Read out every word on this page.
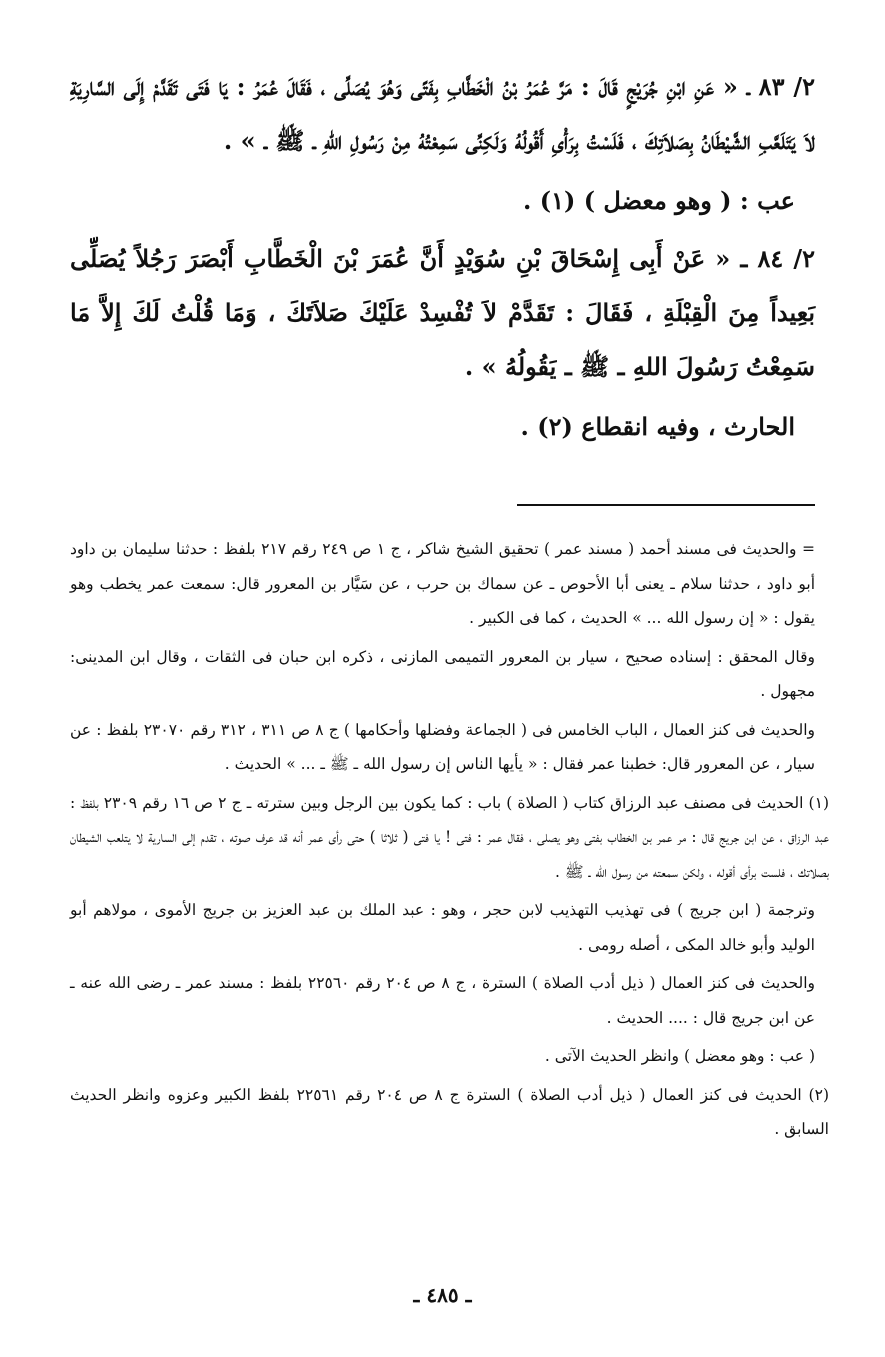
٢/ ٨٣ ـ « عَنِ ابْنِ جُرَيْجٍ قَالَ : مَرَّ عُمَرُ بْنُ الْخَطَّابِ بِفَتًى وَهُوَ يُصَلِّى ، فَقَالَ عُمَرُ : يَا فَتَى تَقَدَّمْ إِلَى السَّارِيَةِ لاَ يَتَلَعَّبِ الشَّيْطَانُ بِصَلاَتِكَ ، فَلَسْتُ بِرَأْىِ أَقُولُهُ وَلَكِنِّى سَمِعْتُهُ مِنْ رَسُولِ اللهِ ـ ﷺ ـ » .

عب : ( وهو معضل ) (١) .

٢/ ٨٤ ـ « عَنْ أَبِى إِسْحَاقَ بْنِ سُوَيْدٍ أَنَّ عُمَرَ بْنَ الْخَطَّابِ أَبْصَرَ رَجُلاً يُصَلِّى بَعِيداً مِنَ الْقِبْلَةِ ، فَقَالَ : تَقَدَّمْ لاَ تُفْسِدْ عَلَيْكَ صَلاَتَكَ ، وَمَا قُلْتُ لَكَ إِلاَّ مَا سَمِعْتُ رَسُولَ اللهِ ـ ﷺ ـ يَقُولُهُ » .

الحارث ، وفيه انقطاع (٢) .

= والحديث فى مسند أحمد ( مسند عمر ) تحقيق الشيخ شاكر ، ج ١ ص ٢٤٩ رقم ٢١٧ بلفظ : حدثنا سليمان بن داود أبو داود ، حدثنا سلام ـ يعنى أبا الأحوص ـ عن سماك بن حرب ، عن سَيَّار بن المعرور قال: سمعت عمر يخطب وهو يقول : « إن رسول الله ... » الحديث ، كما فى الكبير .

وقال المحقق : إسناده صحيح ، سيار بن المعرور التميمى المازنى ، ذكره ابن حبان فى الثقات ، وقال ابن المدينى: مجهول .

والحديث فى كنز العمال ، الباب الخامس فى ( الجماعة وفضلها وأحكامها ) ج ٨ ص ٣١١ ، ٣١٢ رقم ٢٣٠٧٠ بلفظ : عن سيار ، عن المعرور قال: خطبنا عمر فقال : « يأيها الناس إن رسول الله ـ ﷺ ـ ... » الحديث .

(١) الحديث فى مصنف عبد الرزاق كتاب ( الصلاة ) باب : كما يكون بين الرجل وبين سترته ـ ج ٢ ص ١٦ رقم ٢٣٠٩ بلفظ : عبد الرزاق ، عن ابن جريج قال : مر عمر بن الخطاب بفتى وهو يصلى ، فقال عمر : فتى ! يا فتى ( ثلاثا ) حتى رأى عمر أنه قد عرف صوته ، تقدم إلى السارية لا يتلعب الشيطان بصلاتك ، فلست برأى أقوله ، ولكن سمعته من رسول الله ـ ﷺ .

وترجمة ( ابن جريج ) فى تهذيب التهذيب لابن حجر ، وهو : عبد الملك بن عبد العزيز بن جريج الأموى ، مولاهم أبو الوليد وأبو خالد المكى ، أصله رومى .

والحديث فى كنز العمال ( ذيل أدب الصلاة ) السترة ، ج ٨ ص ٢٠٤ رقم ٢٢٥٦٠ بلفظ : مسند عمر ـ رضى الله عنه ـ عن ابن جريج قال : .... الحديث .

( عب : وهو معضل ) وانظر الحديث الآتى .

(٢) الحديث فى كنز العمال ( ذيل أدب الصلاة ) السترة ج ٨ ص ٢٠٤ رقم ٢٢٥٦١ بلفظ الكبير وعزوه وانظر الحديث السابق .

ـ ٤٨٥ ـ
